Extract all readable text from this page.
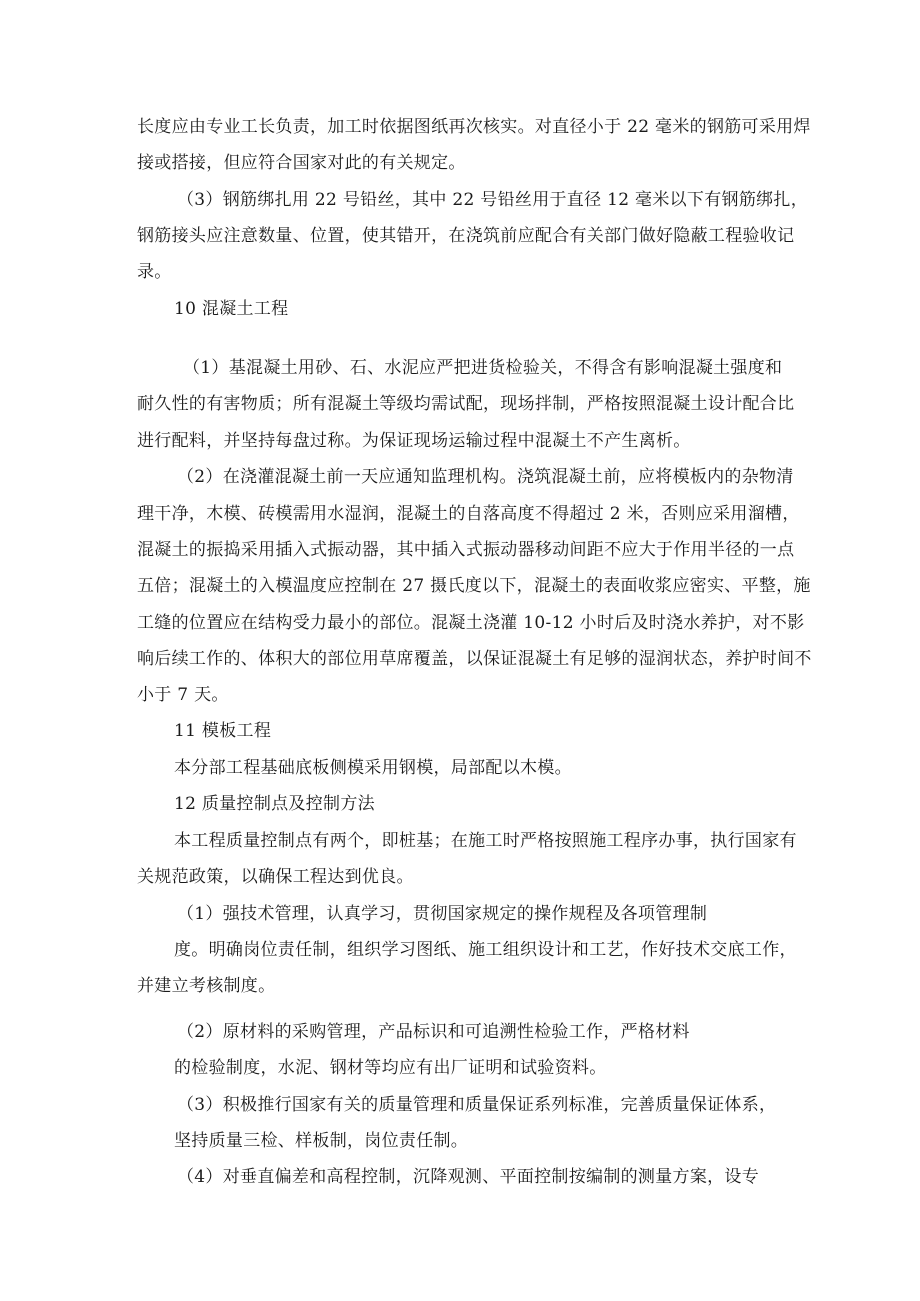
长度应由专业工长负责，加工时依据图纸再次核实。对直径小于 22 毫米的钢筋可采用焊
接或搭接，但应符合国家对此的有关规定。
（3）钢筋绑扎用 22 号铅丝，其中 22 号铅丝用于直径 12 毫米以下有钢筋绑扎，
钢筋接头应注意数量、位置，使其错开，在浇筑前应配合有关部门做好隐蔽工程验收记
录。
10 混凝土工程
（1）基混凝土用砂、石、水泥应严把进货检验关，不得含有影响混凝土强度和
耐久性的有害物质；所有混凝土等级均需试配，现场拌制，严格按照混凝土设计配合比
进行配料，并坚持每盘过称。为保证现场运输过程中混凝土不产生离析。
（2）在浇灌混凝土前一天应通知监理机构。浇筑混凝土前，应将模板内的杂物清
理干净，木模、砖模需用水湿润，混凝土的自落高度不得超过 2 米，否则应采用溜槽，
混凝土的振捣采用插入式振动器，其中插入式振动器移动间距不应大于作用半径的一点
五倍；混凝土的入模温度应控制在 27 摄氏度以下，混凝土的表面收浆应密实、平整，施
工缝的位置应在结构受力最小的部位。混凝土浇灌 10-12 小时后及时浇水养护，对不影
响后续工作的、体积大的部位用草席覆盖，以保证混凝土有足够的湿润状态，养护时间不
小于 7 天。
11 模板工程
本分部工程基础底板侧模采用钢模，局部配以木模。
12 质量控制点及控制方法
本工程质量控制点有两个，即桩基；在施工时严格按照施工程序办事，执行国家有
关规范政策，以确保工程达到优良。
（1）强技术管理，认真学习，贯彻国家规定的操作规程及各项管理制
度。明确岗位责任制，组织学习图纸、施工组织设计和工艺，作好技术交底工作，
并建立考核制度。
（2）原材料的采购管理，产品标识和可追溯性检验工作，严格材料
的检验制度，水泥、钢材等均应有出厂证明和试验资料。
（3）积极推行国家有关的质量管理和质量保证系列标准，完善质量保证体系，
坚持质量三检、样板制，岗位责任制。
（4）对垂直偏差和高程控制，沉降观测、平面控制按编制的测量方案，设专
